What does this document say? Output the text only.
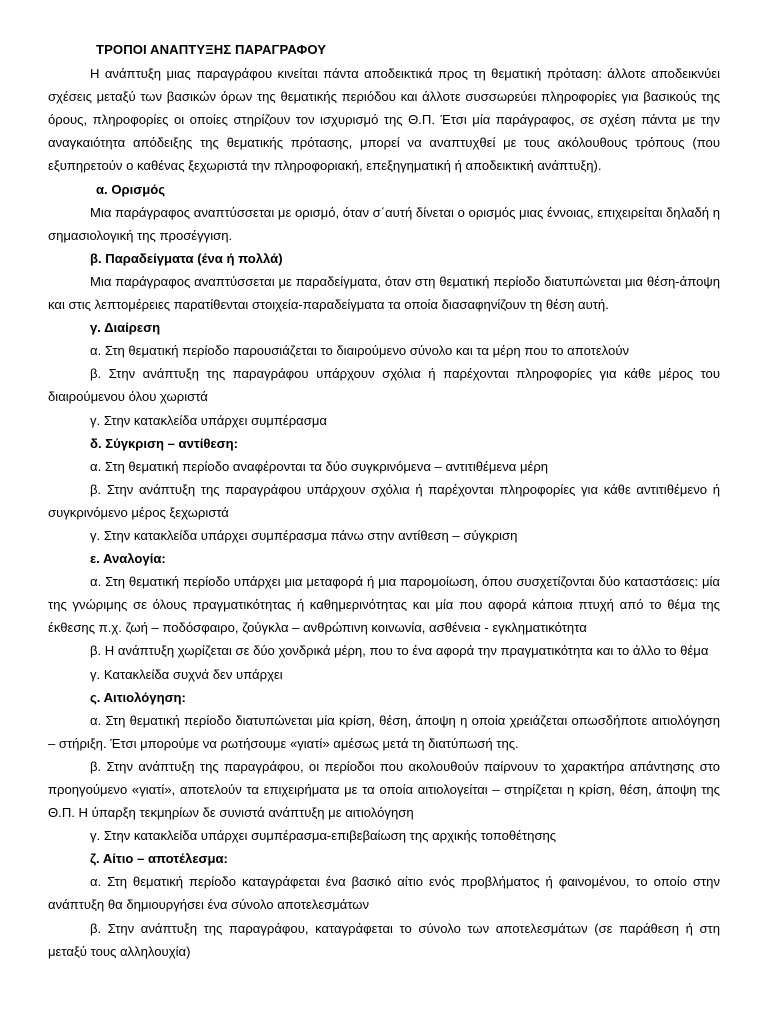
ΤΡΟΠΟΙ ΑΝΑΠΤΥΞΗΣ ΠΑΡΑΓΡΑΦΟΥ

Η ανάπτυξη μιας παραγράφου κινείται πάντα αποδεικτικά προς τη θεματική πρόταση: άλλοτε αποδεικνύει σχέσεις μεταξύ των βασικών όρων της θεματικής περιόδου και άλλοτε συσσωρεύει πληροφορίες για βασικούς της όρους, πληροφορίες οι οποίες στηρίζουν τον ισχυρισμό της Θ.Π. Έτσι μία παράγραφος, σε σχέση πάντα με την αναγκαιότητα απόδειξης της θεματικής πρότασης, μπορεί να αναπτυχθεί με τους ακόλουθους τρόπους (που εξυπηρετούν ο καθένας ξεχωριστά την πληροφοριακή, επεξηγηματική ή αποδεικτική ανάπτυξη).

α. Ορισμός

Μια παράγραφος αναπτύσσεται με ορισμό, όταν σ΄αυτή δίνεται ο ορισμός μιας έννοιας, επιχειρείται δηλαδή η σημασιολογική της προσέγγιση.

β. Παραδείγματα (ένα ή πολλά)

Μια παράγραφος αναπτύσσεται με παραδείγματα, όταν στη θεματική περίοδο διατυπώνεται μια θέση-άποψη και στις λεπτομέρειες παρατίθενται στοιχεία-παραδείγματα τα οποία διασαφηνίζουν τη θέση αυτή.

γ. Διαίρεση

α. Στη θεματική περίοδο παρουσιάζεται το διαιρούμενο σύνολο και τα μέρη που το αποτελούν

β. Στην ανάπτυξη της παραγράφου υπάρχουν σχόλια ή παρέχονται πληροφορίες για κάθε μέρος του διαιρούμενου όλου χωριστά

γ. Στην κατακλείδα υπάρχει συμπέρασμα

δ. Σύγκριση – αντίθεση:

α. Στη θεματική περίοδο αναφέρονται τα δύο συγκρινόμενα – αντιτιθέμενα μέρη

β. Στην ανάπτυξη της παραγράφου υπάρχουν σχόλια ή παρέχονται πληροφορίες για κάθε αντιτιθέμενο ή συγκρινόμενο μέρος ξεχωριστά

γ. Στην κατακλείδα υπάρχει συμπέρασμα πάνω στην αντίθεση – σύγκριση

ε. Αναλογία:

α. Στη θεματική περίοδο υπάρχει μια μεταφορά ή μια παρομοίωση, όπου συσχετίζονται δύο καταστάσεις: μία της γνώριμης σε όλους πραγματικότητας ή καθημερινότητας και μία που αφορά κάποια πτυχή από το θέμα της έκθεσης π.χ. ζωή – ποδόσφαιρο, ζούγκλα – ανθρώπινη κοινωνία, ασθένεια - εγκληματικότητα

β. Η ανάπτυξη χωρίζεται σε δύο χονδρικά μέρη, που το ένα αφορά την πραγματικότητα και το άλλο το θέμα

γ. Κατακλείδα συχνά δεν υπάρχει

ς. Αιτιολόγηση:

α. Στη θεματική περίοδο διατυπώνεται μία κρίση, θέση, άποψη η οποία χρειάζεται οπωσδήποτε αιτιολόγηση – στήριξη. Έτσι μπορούμε να ρωτήσουμε «γιατί» αμέσως μετά τη διατύπωσή της.

β. Στην ανάπτυξη της παραγράφου, οι περίοδοι που ακολουθούν παίρνουν το χαρακτήρα απάντησης στο προηγούμενο «γιατί», αποτελούν τα επιχειρήματα με τα οποία αιτιολογείται – στηρίζεται η κρίση, θέση, άποψη της Θ.Π. Η ύπαρξη τεκμηρίων δε συνιστά ανάπτυξη με αιτιολόγηση

γ. Στην κατακλείδα υπάρχει συμπέρασμα-επιβεβαίωση της αρχικής τοποθέτησης

ζ. Αίτιο – αποτέλεσμα:

α. Στη θεματική περίοδο καταγράφεται ένα βασικό αίτιο ενός προβλήματος ή φαινομένου, το οποίο στην ανάπτυξη θα δημιουργήσει ένα σύνολο αποτελεσμάτων

β. Στην ανάπτυξη της παραγράφου, καταγράφεται το σύνολο των αποτελεσμάτων (σε παράθεση ή στη μεταξύ τους αλληλουχία)
